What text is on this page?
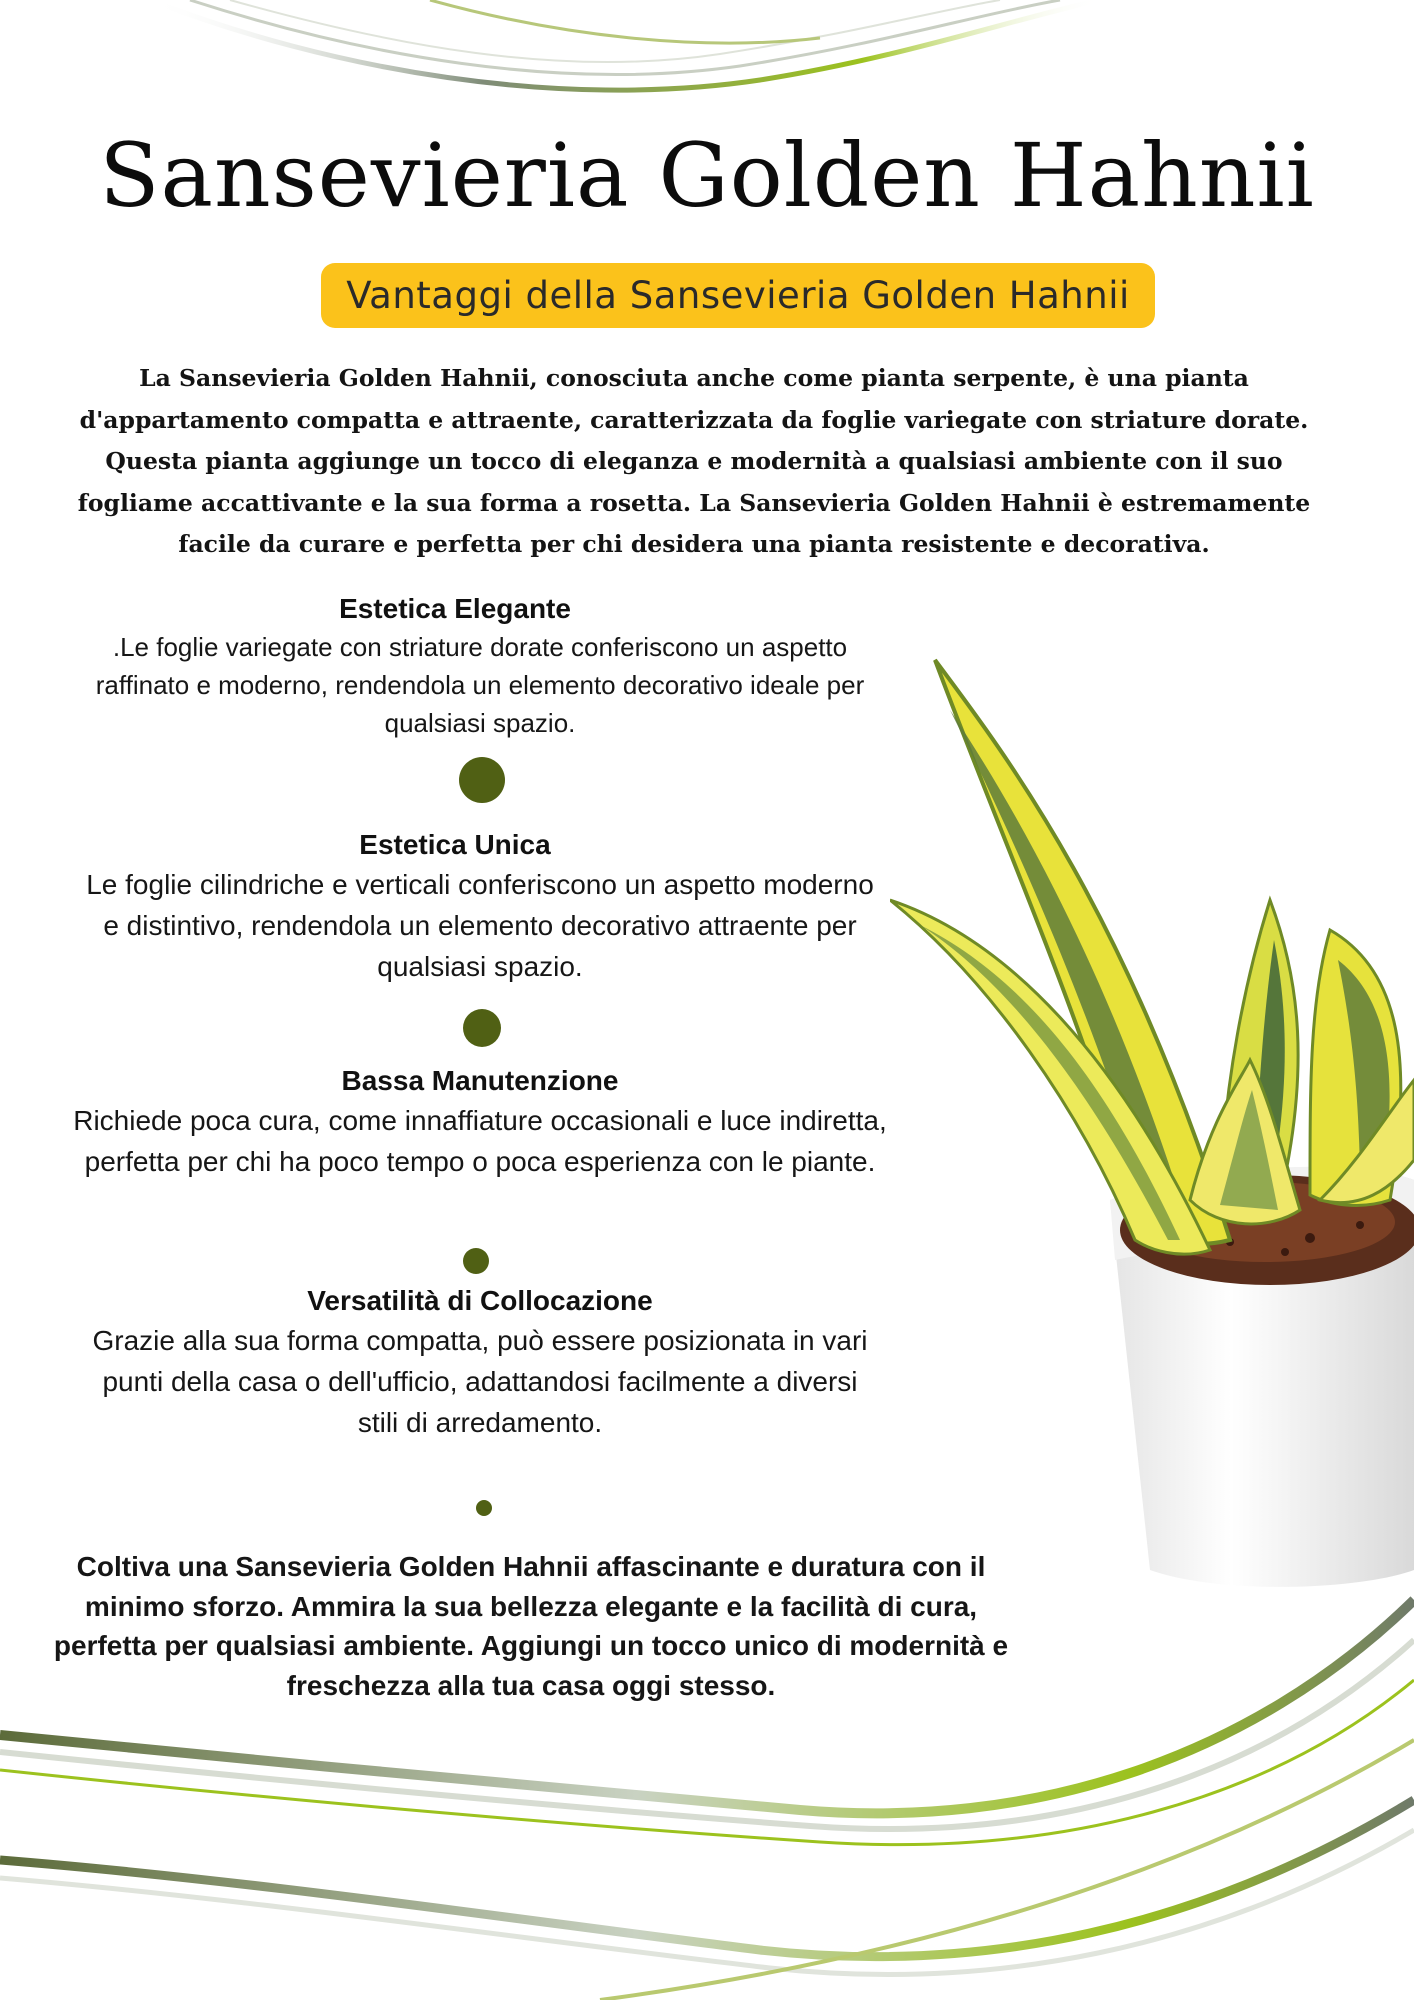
Sansevieria Golden Hahnii
Vantaggi della Sansevieria Golden Hahnii

La Sansevieria Golden Hahnii, conosciuta anche come pianta serpente, è una pianta d'appartamento compatta e attraente, caratterizzata da foglie variegate con striature dorate. Questa pianta aggiunge un tocco di eleganza e modernità a qualsiasi ambiente con il suo fogliame accattivante e la sua forma a rosetta. La Sansevieria Golden Hahnii è estremamente facile da curare e perfetta per chi desidera una pianta resistente e decorativa.

Estetica Elegante

.Le foglie variegate con striature dorate conferiscono un aspetto raffinato e moderno, rendendola un elemento decorativo ideale per qualsiasi spazio.

Estetica Unica

Le foglie cilindriche e verticali conferiscono un aspetto moderno e distintivo, rendendola un elemento decorativo attraente per qualsiasi spazio.

Bassa Manutenzione

Richiede poca cura, come innaffiature occasionali e luce indiretta, perfetta per chi ha poco tempo o poca esperienza con le piante.

Versatilità di Collocazione

Grazie alla sua forma compatta, può essere posizionata in vari punti della casa o dell'ufficio, adattandosi facilmente a diversi stili di arredamento.

Coltiva una Sansevieria Golden Hahnii affascinante e duratura con il minimo sforzo. Ammira la sua bellezza elegante e la facilità di cura, perfetta per qualsiasi ambiente. Aggiungi un tocco unico di modernità e freschezza alla tua casa oggi stesso.
